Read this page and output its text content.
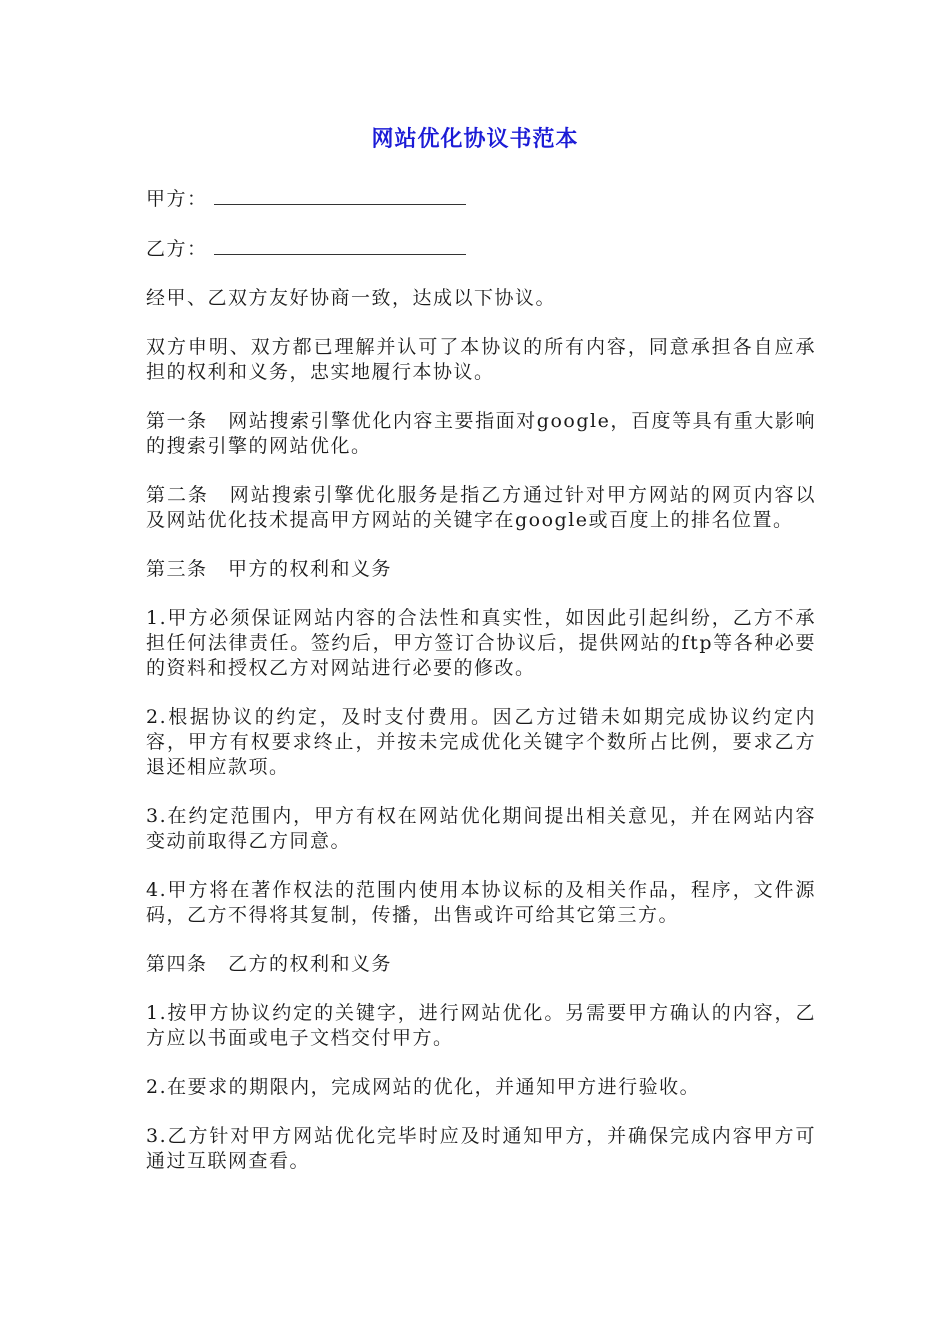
网站优化协议书范本
甲方：
乙方：

经甲、乙双方友好协商一致，达成以下协议。

双方申明、双方都已理解并认可了本协议的所有内容，同意承担各自应承担的权利和义务，忠实地履行本协议。

第一条　网站搜索引擎优化内容主要指面对google，百度等具有重大影响的搜索引擎的网站优化。

第二条　网站搜索引擎优化服务是指乙方通过针对甲方网站的网页内容以及网站优化技术提高甲方网站的关键字在google或百度上的排名位置。

第三条　甲方的权利和义务

1.甲方必须保证网站内容的合法性和真实性，如因此引起纠纷，乙方不承担任何法律责任。签约后，甲方签订合协议后，提供网站的ftp等各种必要的资料和授权乙方对网站进行必要的修改。

2.根据协议的约定，及时支付费用。因乙方过错未如期完成协议约定内容，甲方有权要求终止，并按未完成优化关键字个数所占比例，要求乙方退还相应款项。

3.在约定范围内，甲方有权在网站优化期间提出相关意见，并在网站内容变动前取得乙方同意。

4.甲方将在著作权法的范围内使用本协议标的及相关作品，程序，文件源码，乙方不得将其复制，传播，出售或许可给其它第三方。

第四条　乙方的权利和义务

1.按甲方协议约定的关键字，进行网站优化。另需要甲方确认的内容，乙方应以书面或电子文档交付甲方。

2.在要求的期限内，完成网站的优化，并通知甲方进行验收。

3.乙方针对甲方网站优化完毕时应及时通知甲方，并确保完成内容甲方可通过互联网查看。
